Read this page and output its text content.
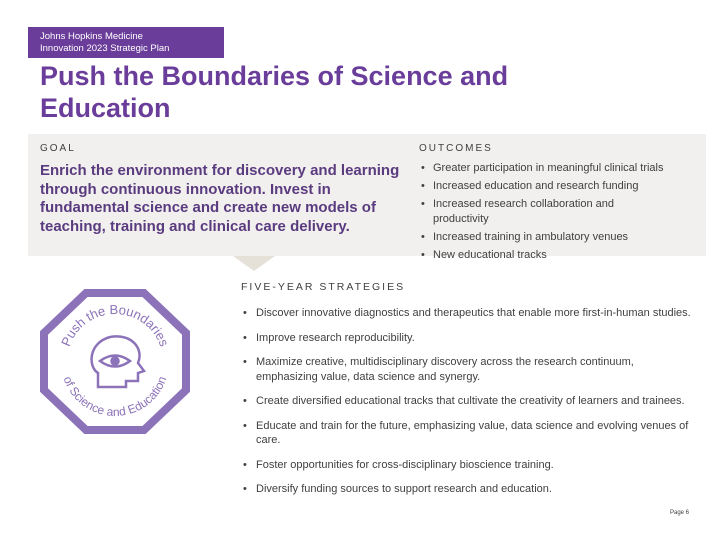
Johns Hopkins Medicine
Innovation 2023 Strategic Plan
Push the Boundaries of Science and Education
GOAL
Enrich the environment for discovery and learning through continuous innovation. Invest in fundamental science and create new models of teaching, training and clinical care delivery.
OUTCOMES
• Greater participation in meaningful clinical trials
• Increased education and research funding
• Increased research collaboration and productivity
• Increased training in ambulatory venues
• New educational tracks
FIVE-YEAR STRATEGIES
• Discover innovative diagnostics and therapeutics that enable more first-in-human studies.
• Improve research reproducibility.
• Maximize creative, multidisciplinary discovery across the research continuum, emphasizing value, data science and synergy.
• Create diversified educational tracks that cultivate the creativity of learners and trainees.
• Educate and train for the future, emphasizing value, data science and evolving venues of care.
• Foster opportunities for cross-disciplinary bioscience training.
• Diversify funding sources to support research and education.
Push the Boundaries
of Science and Education
Page 6
